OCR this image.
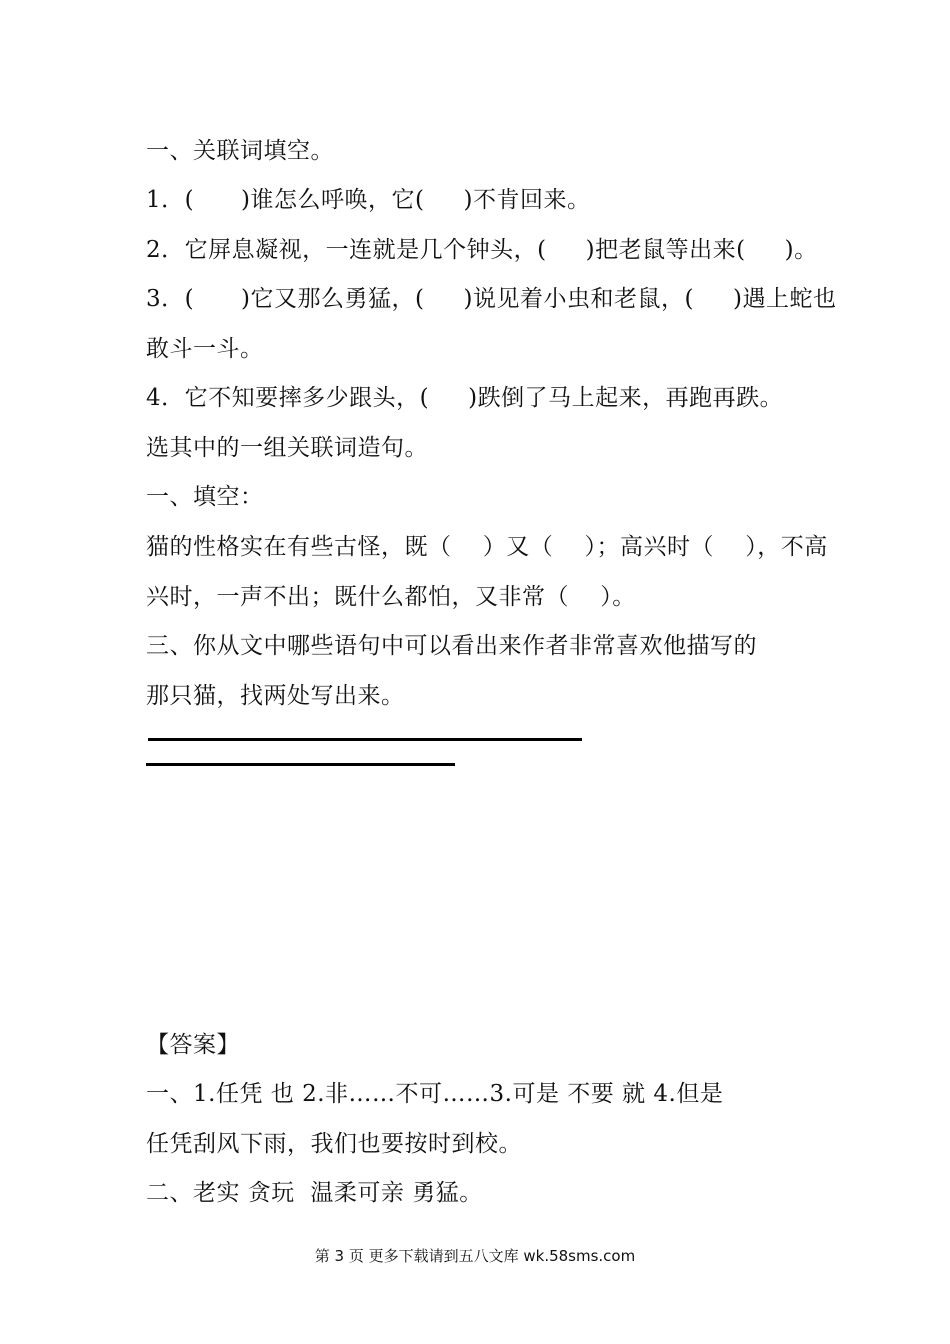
一、关联词填空。
1．(      )谁怎么呼唤，它(     )不肯回来。
2．它屏息凝视，一连就是几个钟头，(     )把老鼠等出来(     )。
3．(      )它又那么勇猛，(     )说见着小虫和老鼠，(     )遇上蛇也
敢斗一斗。
4．它不知要摔多少跟头，(     )跌倒了马上起来，再跑再跌。
选其中的一组关联词造句。
一、填空：
猫的性格实在有些古怪，既（    ）又（    ）；高兴时（    ），不高
兴时，一声不出；既什么都怕，又非常（    ）。
三、你从文中哪些语句中可以看出来作者非常喜欢他描写的
那只猫，找两处写出来。
【答案】
一、1.任凭 也 2.非……不可……3.可是 不要 就 4.但是
任凭刮风下雨，我们也要按时到校。
二、老实 贪玩  温柔可亲 勇猛。
第 3 页 更多下载请到五八文库 wk.58sms.com
